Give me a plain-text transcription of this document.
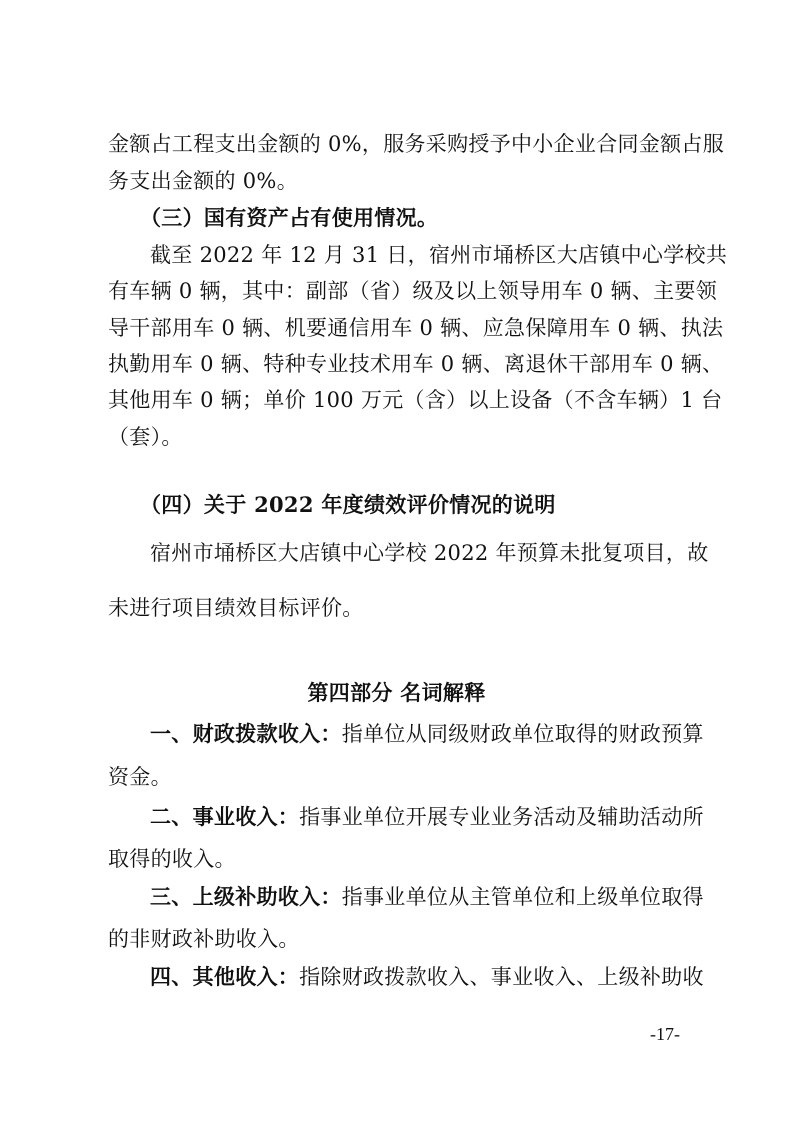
金额占工程支出金额的 0%，服务采购授予中小企业合同金额占服
务支出金额的 0%。
（三）国有资产占有使用情况。
截至 2022 年 12 月 31 日，宿州市埇桥区大店镇中心学校共
有车辆 0 辆，其中：副部（省）级及以上领导用车 0 辆、主要领
导干部用车 0 辆、机要通信用车 0 辆、应急保障用车 0 辆、执法
执勤用车 0 辆、特种专业技术用车 0 辆、离退休干部用车 0 辆、
其他用车 0 辆；单价 100 万元（含）以上设备（不含车辆）1 台
（套）。
（四）关于 2022 年度绩效评价情况的说明
宿州市埇桥区大店镇中心学校 2022 年预算未批复项目，故
未进行项目绩效目标评价。
第四部分 名词解释
一、财政拨款收入：指单位从同级财政单位取得的财政预算
资金。
二、事业收入：指事业单位开展专业业务活动及辅助活动所
取得的收入。
三、上级补助收入：指事业单位从主管单位和上级单位取得
的非财政补助收入。
四、其他收入：指除财政拨款收入、事业收入、上级补助收
-17-
